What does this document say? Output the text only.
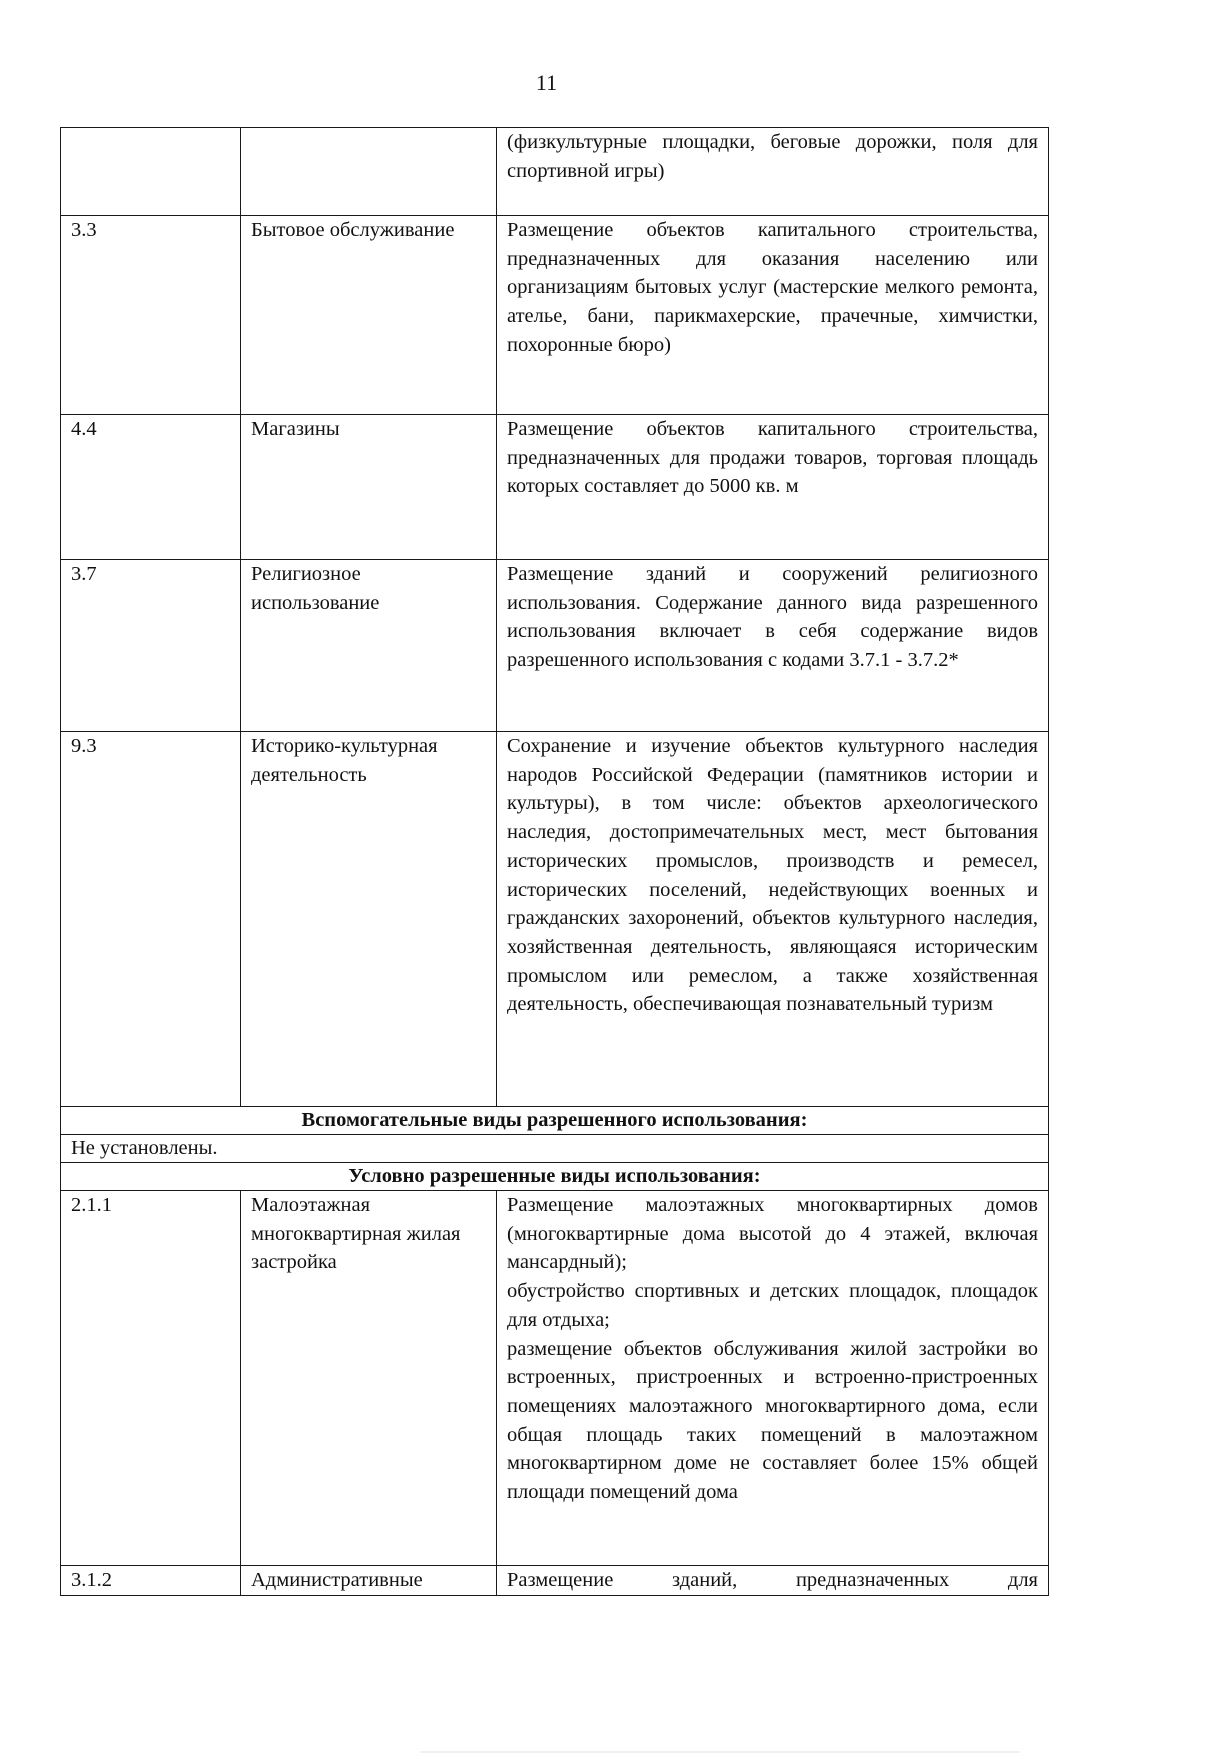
11

		(физкультурные площадки, беговые дорожки, поля для спортивной игры)

3.3	Бытовое обслуживание	Размещение объектов капитального строительства, предназначенных для оказания населению или организациям бытовых услуг (мастерские мелкого ремонта, ателье, бани, парикмахерские, прачечные, химчистки, похоронные бюро)

4.4	Магазины	Размещение объектов капитального строительства, предназначенных для продажи товаров, торговая площадь которых составляет до 5000 кв. м

3.7	Религиозное использование	Размещение зданий и сооружений религиозного использования. Содержание данного вида разрешенного использования включает в себя содержание видов разрешенного использования с кодами 3.7.1 - 3.7.2*

9.3	Историко-культурная деятельность	Сохранение и изучение объектов культурного наследия народов Российской Федерации (памятников истории и культуры), в том числе: объектов археологического наследия, достопримечательных мест, мест бытования исторических промыслов, производств и ремесел, исторических поселений, недействующих военных и гражданских захоронений, объектов культурного наследия, хозяйственная деятельность, являющаяся историческим промыслом или ремеслом, а также хозяйственная деятельность, обеспечивающая познавательный туризм

Вспомогательные виды разрешенного использования:		
Не установлены.		
Условно разрешенные виды использования:		
2.1.1	Малоэтажная многоквартирная жилая застройка	Размещение малоэтажных многоквартирных домов (многоквартирные дома высотой до 4 этажей, включая мансардный);
обустройство спортивных и детских площадок, площадок для отдыха;
размещение объектов обслуживания жилой застройки во встроенных, пристроенных и встроенно-пристроенных помещениях малоэтажного многоквартирного дома, если общая площадь таких помещений в малоэтажном многоквартирном доме не составляет более 15% общей площади помещений дома

3.1.2	Административные	Размещение зданий, предназначенных для
